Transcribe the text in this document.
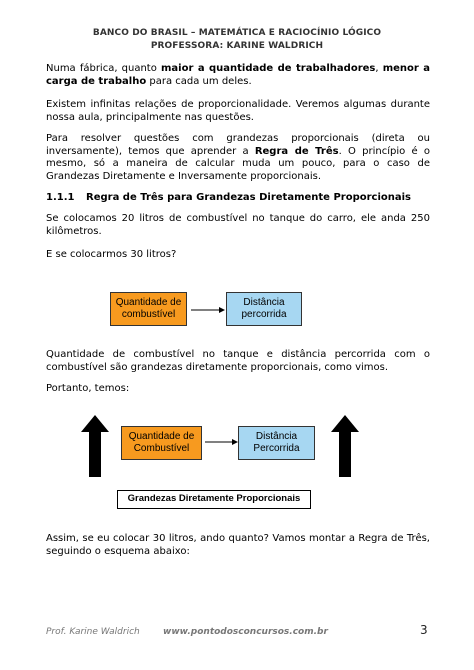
BANCO DO BRASIL – MATEMÁTICA E RACIOCÍNIO LÓGICO
PROFESSORA: KARINE WALDRICH
Numa fábrica, quanto maior a quantidade de trabalhadores, menor a carga de trabalho para cada um deles.
Existem infinitas relações de proporcionalidade. Veremos algumas durante nossa aula, principalmente nas questões.
Para resolver questões com grandezas proporcionais (direta ou inversamente), temos que aprender a Regra de Três. O princípio é o mesmo, só a maneira de calcular muda um pouco, para o caso de Grandezas Diretamente e Inversamente proporcionais.
1.1.1 Regra de Três para Grandezas Diretamente Proporcionais
Se colocamos 20 litros de combustível no tanque do carro, ele anda 250 kilômetros.
E se colocarmos 30 litros?
Quantidade de combustível
Distância percorrida
Quantidade de combustível no tanque e distância percorrida com o combustível são grandezas diretamente proporcionais, como vimos.
Portanto, temos:
Quantidade de Combustível
Distância Percorrida
Grandezas Diretamente Proporcionais
Assim, se eu colocar 30 litros, ando quanto? Vamos montar a Regra de Três, seguindo o esquema abaixo:
Prof. Karine Waldrich	www.pontodosconcursos.com.br	3
